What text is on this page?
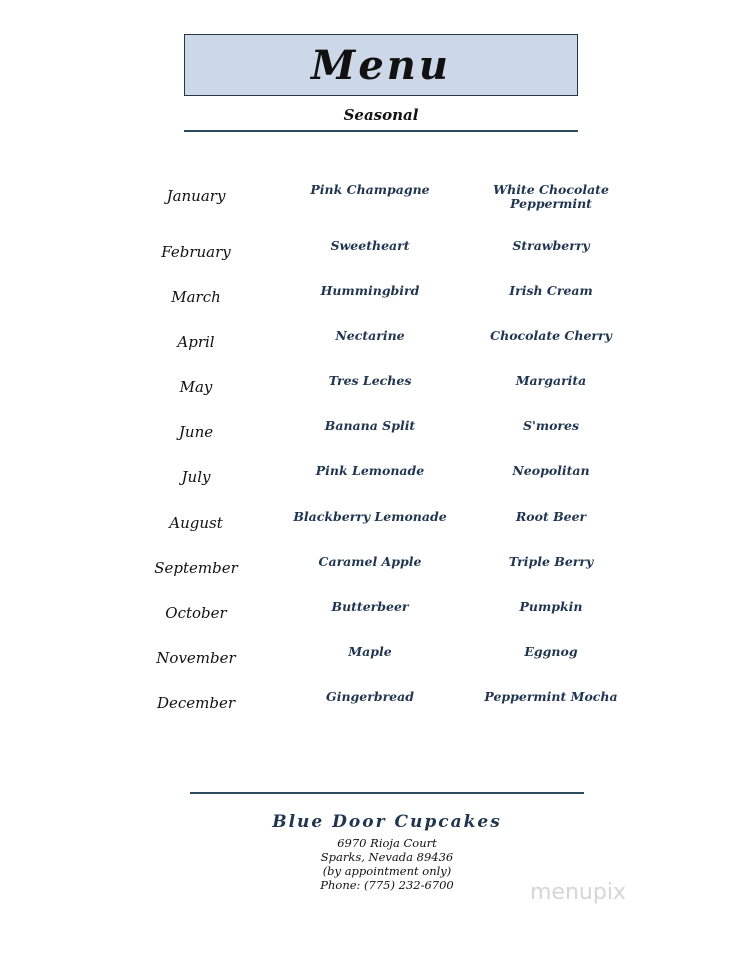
Menu
Seasonal
January	Pink Champagne	White Chocolate Peppermint
February	Sweetheart	Strawberry
March	Hummingbird	Irish Cream
April	Nectarine	Chocolate Cherry
May	Tres Leches	Margarita
June	Banana Split	S'mores
July	Pink Lemonade	Neopolitan
August	Blackberry Lemonade	Root Beer
September	Caramel Apple	Triple Berry
October	Butterbeer	Pumpkin
November	Maple	Eggnog
December	Gingerbread	Peppermint Mocha
Blue Door Cupcakes
6970 Rioja Court
Sparks, Nevada 89436
(by appointment only)
Phone: (775) 232-6700	menupix
